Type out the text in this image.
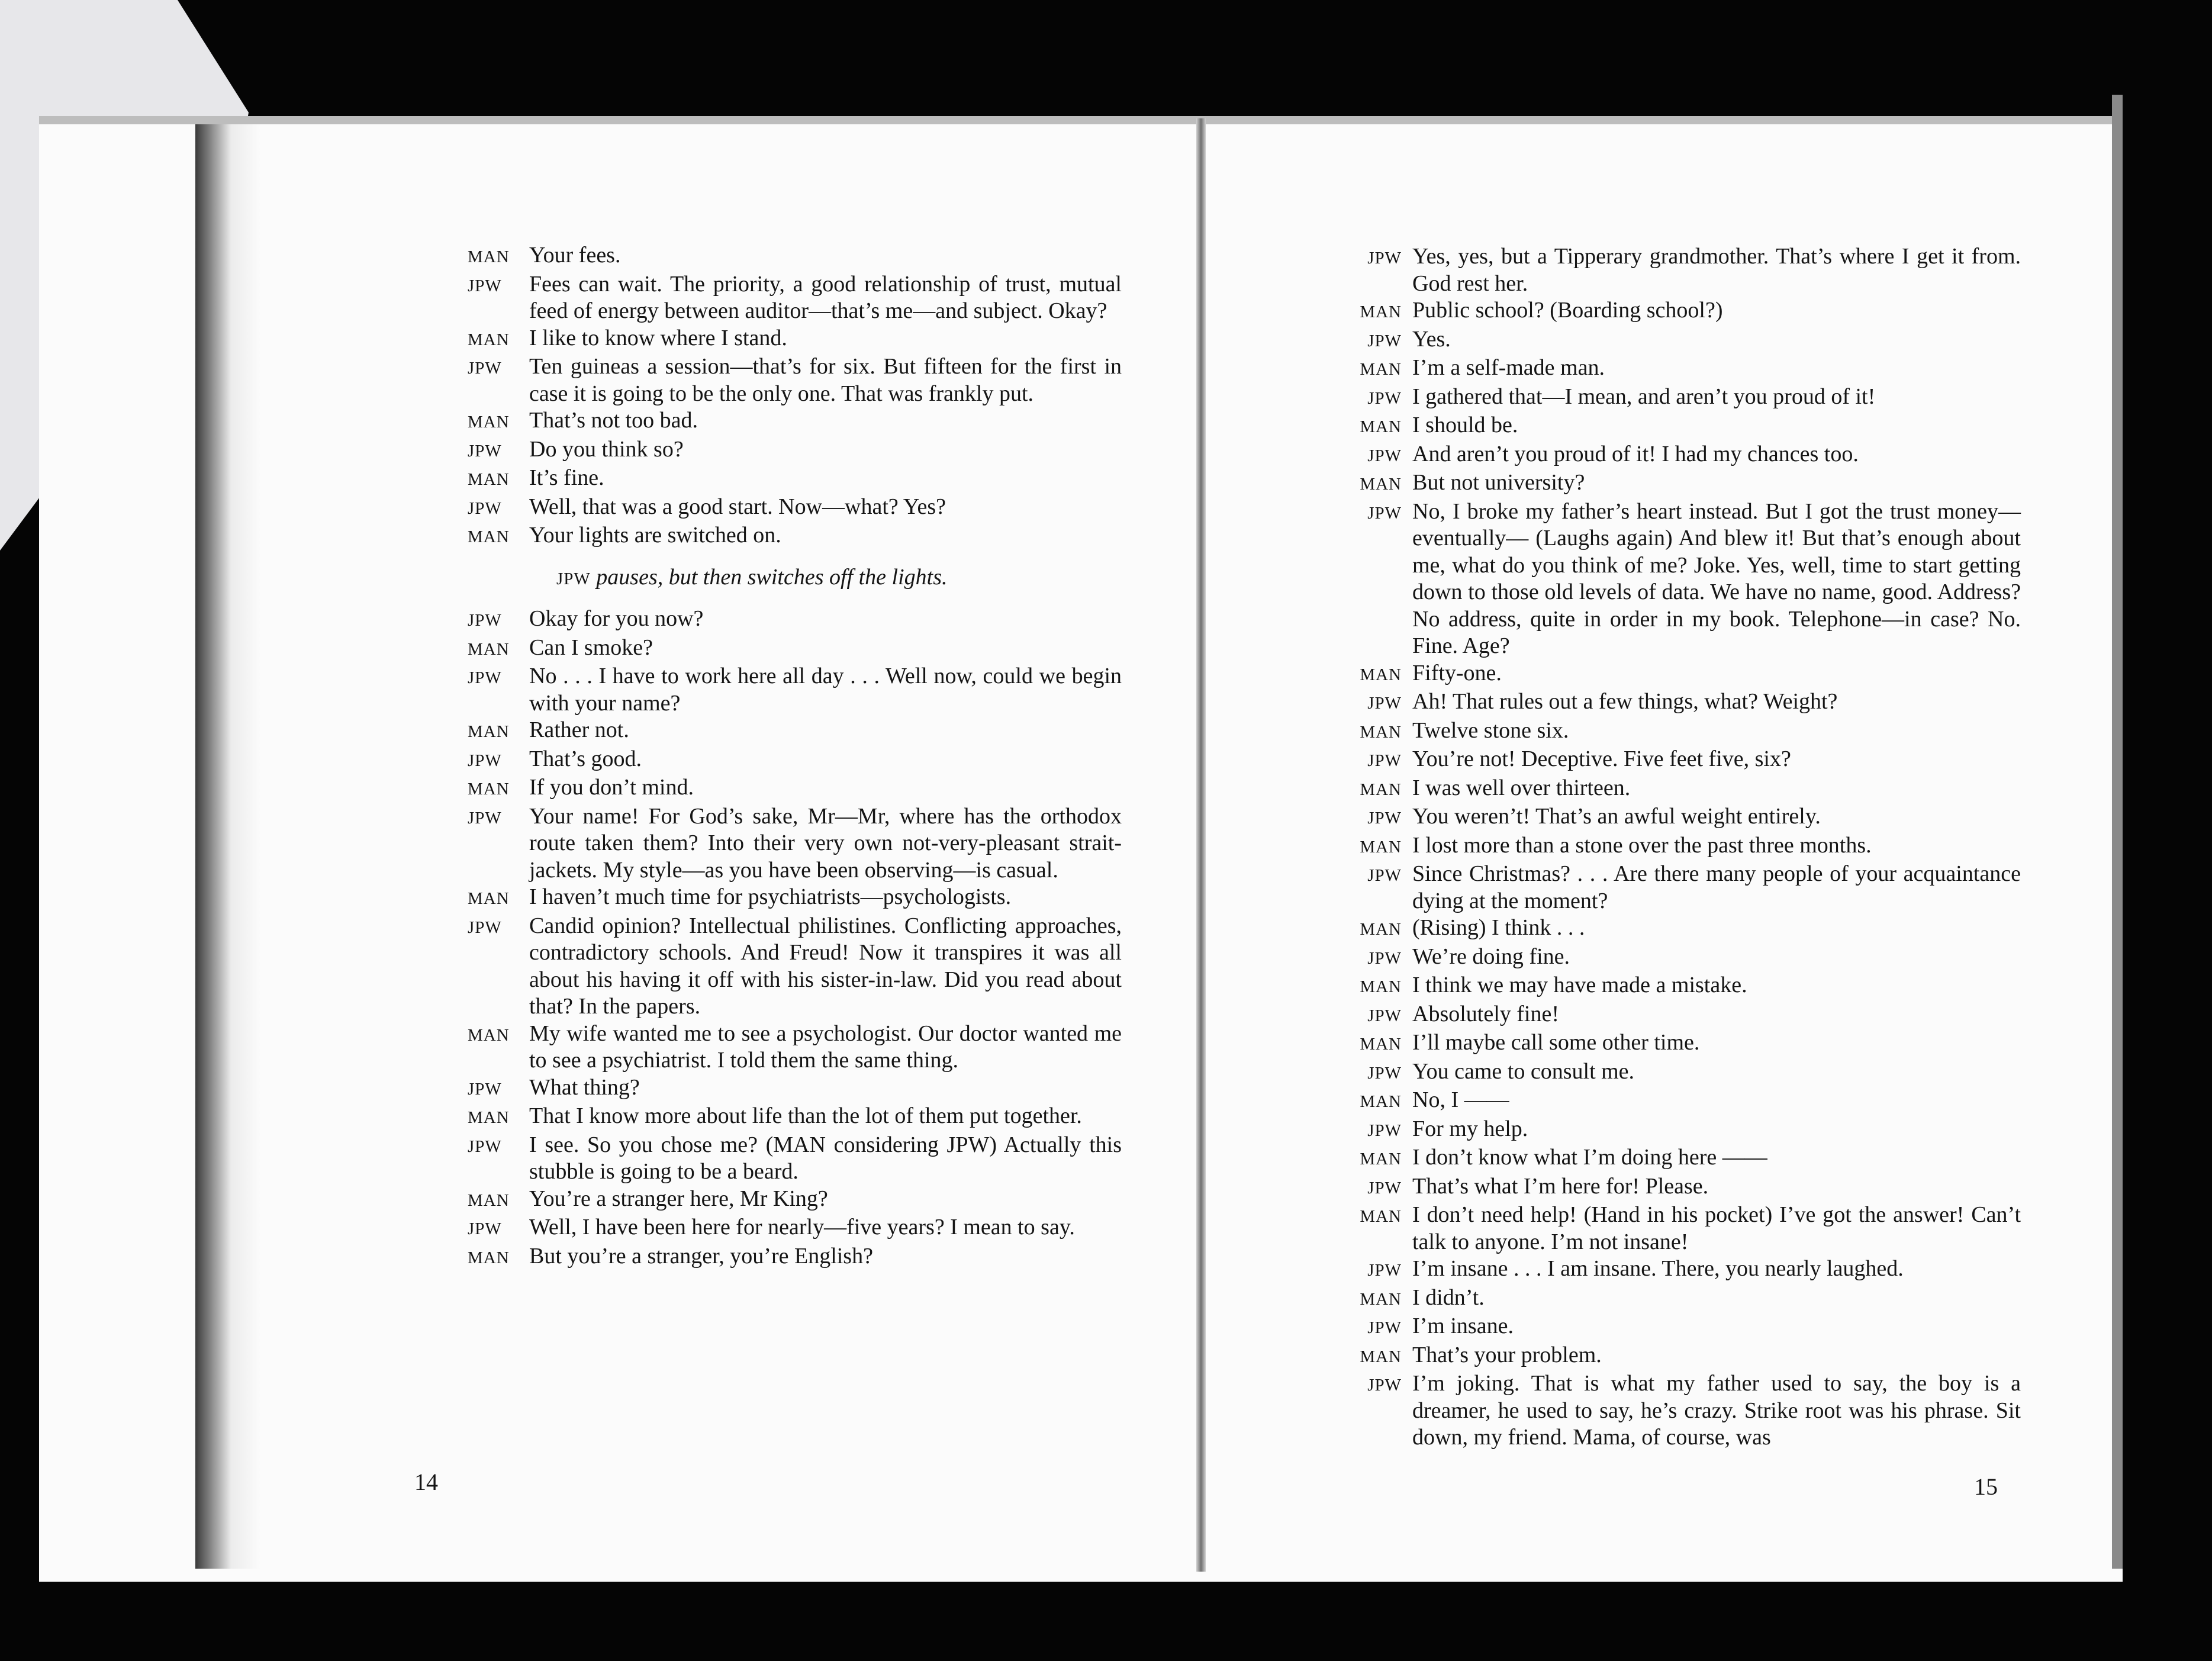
MAN Your fees.
JPW	Fees can wait. The priority, a good relationship of trust, mutual feed of energy between auditor—that’s me—and subject. Okay?
MAN I like to know where I stand.
JPW	Ten guineas a session—that’s for six. But fifteen for the first in case it is going to be the only one. That was frankly put.
MAN That’s not too bad.
JPW	Do you think so?
MAN It’s fine.
JPW	Well, that was a good start. Now—what? Yes?
MAN Your lights are switched on.
JPW pauses, but then switches off the lights.
JPW	Okay for you now?
MAN Can I smoke?
JPW	No . . . I have to work here all day . . . Well now, could we begin with your name?
MAN Rather not.
JPW	That’s good.
MAN If you don’t mind.
JPW	Your name! For God’s sake, Mr—Mr, where has the orthodox route taken them? Into their very own not-very-pleasant strait-jackets. My style—as you have been observing—is casual.
MAN I haven’t much time for psychiatrists—psychologists.
JPW	Candid opinion? Intellectual philistines. Conflicting approaches, contradictory schools. And Freud! Now it transpires it was all about his having it off with his sister-in-law. Did you read about that? In the papers.
MAN My wife wanted me to see a psychologist. Our doctor wanted me to see a psychiatrist. I told them the same thing.
JPW	What thing?
MAN That I know more about life than the lot of them put together.
JPW	I see. So you chose me? (MAN considering JPW) Actually this stubble is going to be a beard.
MAN You’re a stranger here, Mr King?
JPW	Well, I have been here for nearly—five years? I mean to say.
MAN But you’re a stranger, you’re English?
14
JPW Yes, yes, but a Tipperary grandmother. That’s where I get it from. God rest her.
MAN Public school? (Boarding school?)
JPW Yes.
MAN I’m a self-made man.
JPW I gathered that—I mean, and aren’t you proud of it!
MAN I should be.
JPW And aren’t you proud of it! I had my chances too.
MAN But not university?
JPW No, I broke my father’s heart instead. But I got the trust money—eventually— (Laughs again) And blew it! But that’s enough about me, what do you think of me? Joke. Yes, well, time to start getting down to those old levels of data. We have no name, good. Address? No address, quite in order in my book. Telephone—in case? No. Fine. Age?
MAN Fifty-one.
JPW Ah! That rules out a few things, what? Weight?
MAN Twelve stone six.
JPW You’re not! Deceptive. Five feet five, six?
MAN I was well over thirteen.
JPW You weren’t! That’s an awful weight entirely.
MAN I lost more than a stone over the past three months.
JPW Since Christmas? . . . Are there many people of your acquaintance dying at the moment?
MAN (Rising) I think . . .
JPW We’re doing fine.
MAN I think we may have made a mistake.
JPW Absolutely fine!
MAN I’ll maybe call some other time.
JPW You came to consult me.
MAN No, I ——
JPW For my help.
MAN I don’t know what I’m doing here ——
JPW That’s what I’m here for! Please.
MAN I don’t need help! (Hand in his pocket) I’ve got the answer! Can’t talk to anyone. I’m not insane!
JPW I’m insane . . . I am insane. There, you nearly laughed.
MAN I didn’t.
JPW I’m insane.
MAN That’s your problem.
JPW I’m joking. That is what my father used to say, the boy is a dreamer, he used to say, he’s crazy. Strike root was his phrase. Sit down, my friend. Mama, of course, was
15
